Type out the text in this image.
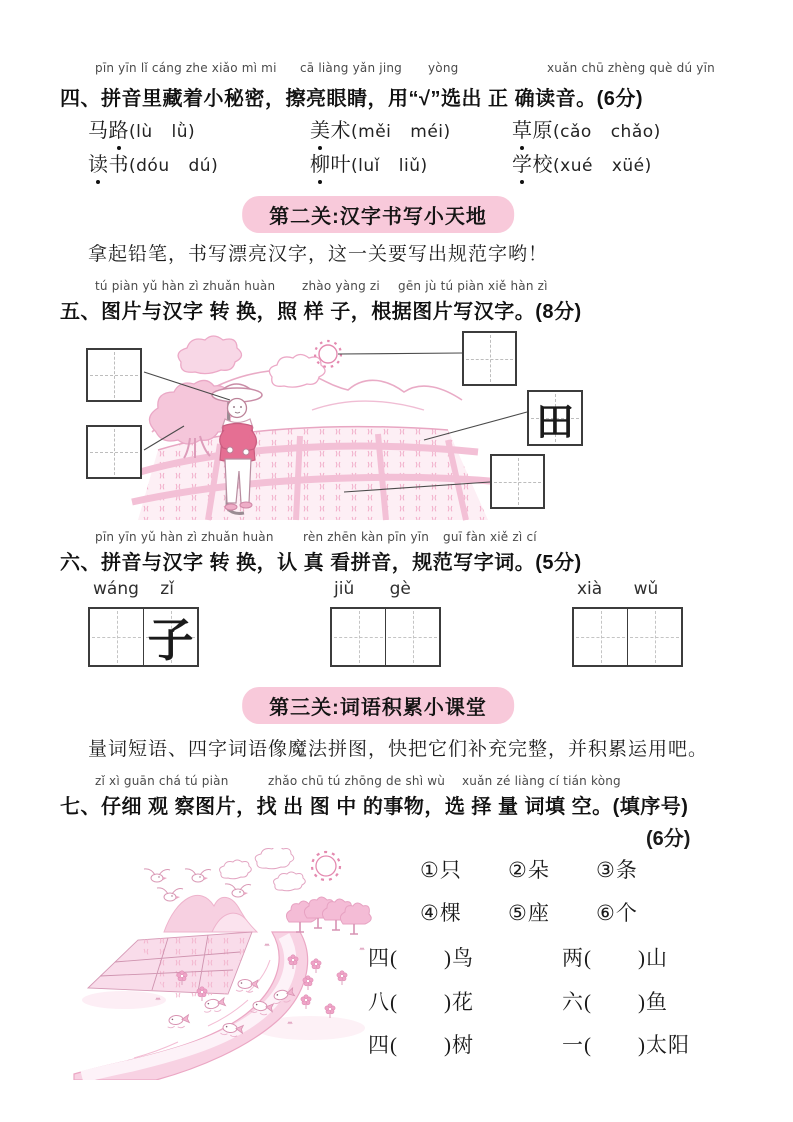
pīn yīn lǐ cáng zhe xiǎo mì mi cā liàng yǎn jing yòng	xuǎn chū zhèng què dú yīn
四、拼音里藏着小秘密，擦亮眼睛，用“√”选出 正 确读音。(6分)
马路(lù lǜ)	美术(měi méi)	草原(cǎo chǎo)
读书(dóu dú)	柳叶(luǐ liǔ)	学校(xué xüé)
第二关:汉字书写小天地
拿起铅笔，书写漂亮汉字，这一关要写出规范字哟！
tú piàn yǔ hàn zì zhuǎn huàn zhào yàng zi gēn jù tú piàn xiě hàn zì
五、图片与汉字 转 换，照 样 子，根据图片写汉字。(8分)
田
pīn yīn yǔ hàn zì zhuǎn huàn rèn zhēn kàn pīn yīn guī fàn xiě zì cí
六、拼音与汉字 转 换，认 真 看拼音，规范写字词。(5分)
wáng zǐ	jiǔ gè	xià wǔ
子
第三关:词语积累小课堂
量词短语、四字词语像魔法拼图，快把它们补充完整，并积累运用吧。
zǐ xì guān chá tú piàn	zhǎo chū tú zhōng de shì wù xuǎn zé liàng cí tián kòng
七、仔细 观 察图片，找 出 图 中 的事物，选 择 量 词填 空。(填序号)
(6分)
①只 ②朵 ③条
④棵 ⑤座 ⑥个
四( )鸟	两( )山
八( )花	六( )鱼
四( )树	一( )太阳
